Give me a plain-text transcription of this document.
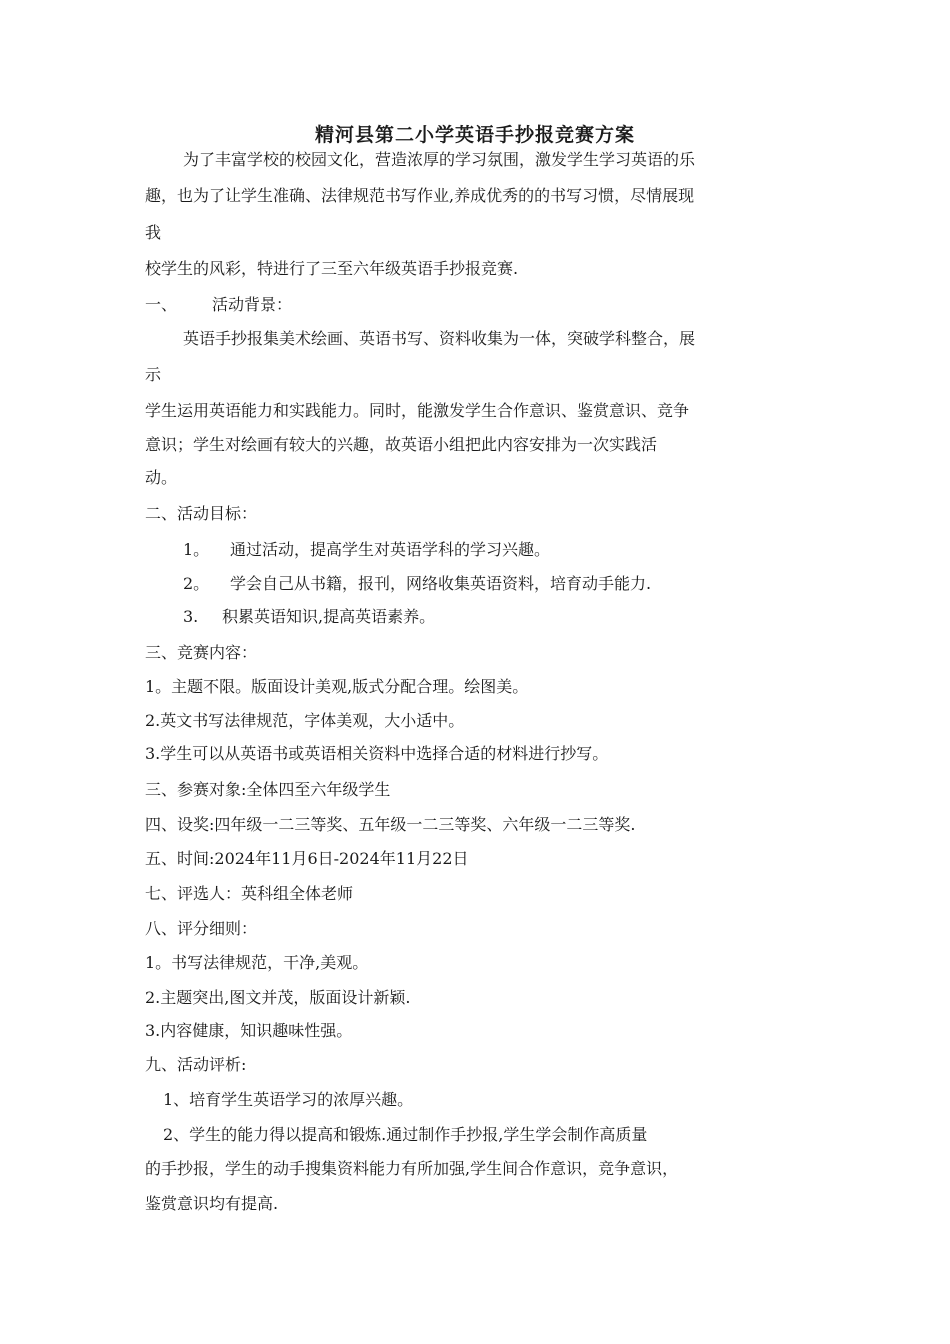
精河县第二小学英语手抄报竞赛方案
为了丰富学校的校园文化，营造浓厚的学习氛围，激发学生学习英语的乐
趣，也为了让学生准确、法律规范书写作业,养成优秀的的书写习惯，尽情展现
我
校学生的风彩，特进行了三至六年级英语手抄报竞赛.
一、 活动背景：
英语手抄报集美术绘画、英语书写、资料收集为一体，突破学科整合，展
示
学生运用英语能力和实践能力。同时，能激发学生合作意识、鉴赏意识、竞争
意识；学生对绘画有较大的兴趣，故英语小组把此内容安排为一次实践活
动。
二、活动目标：
1。 通过活动，提高学生对英语学科的学习兴趣。
2。 学会自己从书籍，报刊，网络收集英语资料，培育动手能力.
3. 积累英语知识,提高英语素养。
三、竞赛内容：
1。主题不限。版面设计美观,版式分配合理。绘图美。
2.英文书写法律规范，字体美观，大小适中。
3.学生可以从英语书或英语相关资料中选择合适的材料进行抄写。
三、参赛对象:全体四至六年级学生
四、设奖:四年级一二三等奖、五年级一二三等奖、六年级一二三等奖.
五、时间:2024年11月6日-2024年11月22日
七、评选人：英科组全体老师
八、评分细则：
1。书写法律规范，干净,美观。
2.主题突出,图文并茂，版面设计新颖.
3.内容健康，知识趣味性强。
九、活动评析:
1、培育学生英语学习的浓厚兴趣。
2、学生的能力得以提高和锻炼.通过制作手抄报,学生学会制作高质量
的手抄报，学生的动手搜集资料能力有所加强,学生间合作意识，竞争意识，
鉴赏意识均有提高.
